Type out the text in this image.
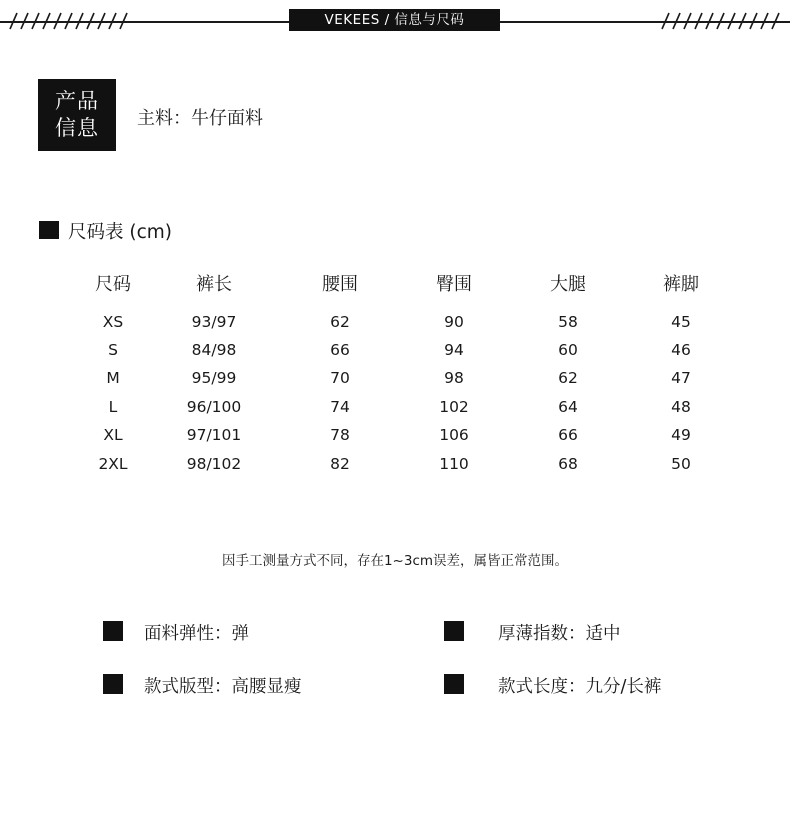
VEKEES / 信息与尺码
产品
信息 主料：牛仔面料
尺码表 (cm)
尺码	裤长	腰围	臀围	大腿	裤脚
XS	93/97	62	90	58	45
S	84/98	66	94	60	46
M	95/99	70	98	62	47
L	96/100	74	102	64	48
XL	97/101	78	106	66	49
2XL	98/102	82	110	68	50
因手工测量方式不同，存在1~3cm误差，属皆正常范围。
面料弹性：弹	厚薄指数：适中
款式版型：高腰显瘦	款式长度：九分/长裤
